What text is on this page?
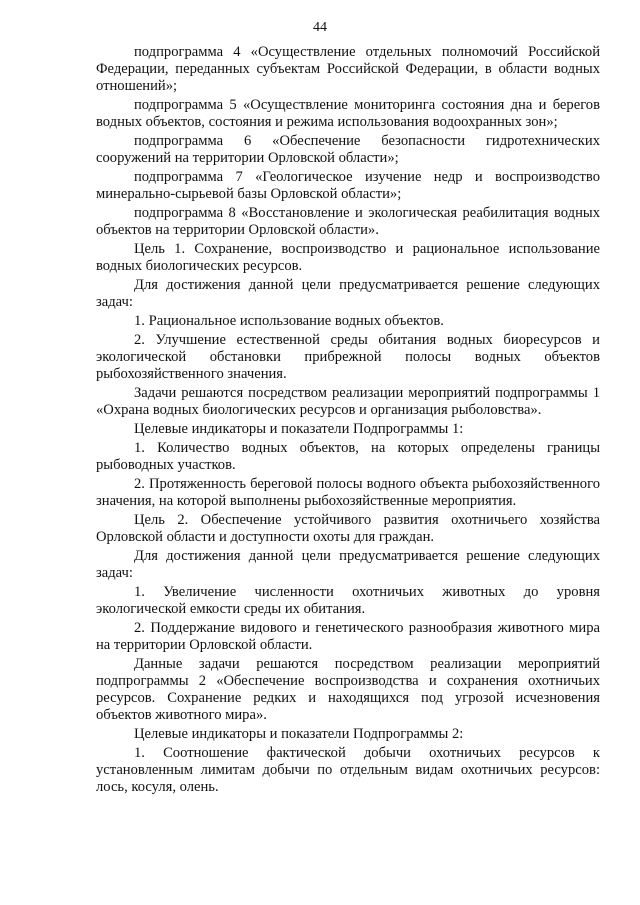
44

подпрограмма 4 «Осуществление отдельных полномочий Российской Федерации, переданных субъектам Российской Федерации, в области водных отношений»;

подпрограмма 5 «Осуществление мониторинга состояния дна и берегов водных объектов, состояния и режима использования водоохранных зон»;

подпрограмма 6 «Обеспечение безопасности гидротехнических сооружений на территории Орловской области»;

подпрограмма 7 «Геологическое изучение недр и воспроизводство минерально-сырьевой базы Орловской области»;

подпрограмма 8 «Восстановление и экологическая реабилитация водных объектов на территории Орловской области».

Цель 1. Сохранение, воспроизводство и рациональное использование водных биологических ресурсов.

Для достижения данной цели предусматривается решение следующих задач:

1. Рациональное использование водных объектов.

2. Улучшение естественной среды обитания водных биоресурсов и экологической обстановки прибрежной полосы водных объектов рыбохозяйственного значения.

Задачи решаются посредством реализации мероприятий подпрограммы 1 «Охрана водных биологических ресурсов и организация рыболовства».

Целевые индикаторы и показатели Подпрограммы 1:

1. Количество водных объектов, на которых определены границы рыбоводных участков.

2. Протяженность береговой полосы водного объекта рыбохозяйственного значения, на которой выполнены рыбохозяйственные мероприятия.

Цель 2. Обеспечение устойчивого развития охотничьего хозяйства Орловской области и доступности охоты для граждан.

Для достижения данной цели предусматривается решение следующих задач:

1. Увеличение численности охотничьих животных до уровня экологической емкости среды их обитания.

2. Поддержание видового и генетического разнообразия животного мира на территории Орловской области.

Данные задачи решаются посредством реализации мероприятий подпрограммы 2 «Обеспечение воспроизводства и сохранения охотничьих ресурсов. Сохранение редких и находящихся под угрозой исчезновения объектов животного мира».

Целевые индикаторы и показатели Подпрограммы 2:

1. Соотношение фактической добычи охотничьих ресурсов к установленным лимитам добычи по отдельным видам охотничьих ресурсов: лось, косуля, олень.
